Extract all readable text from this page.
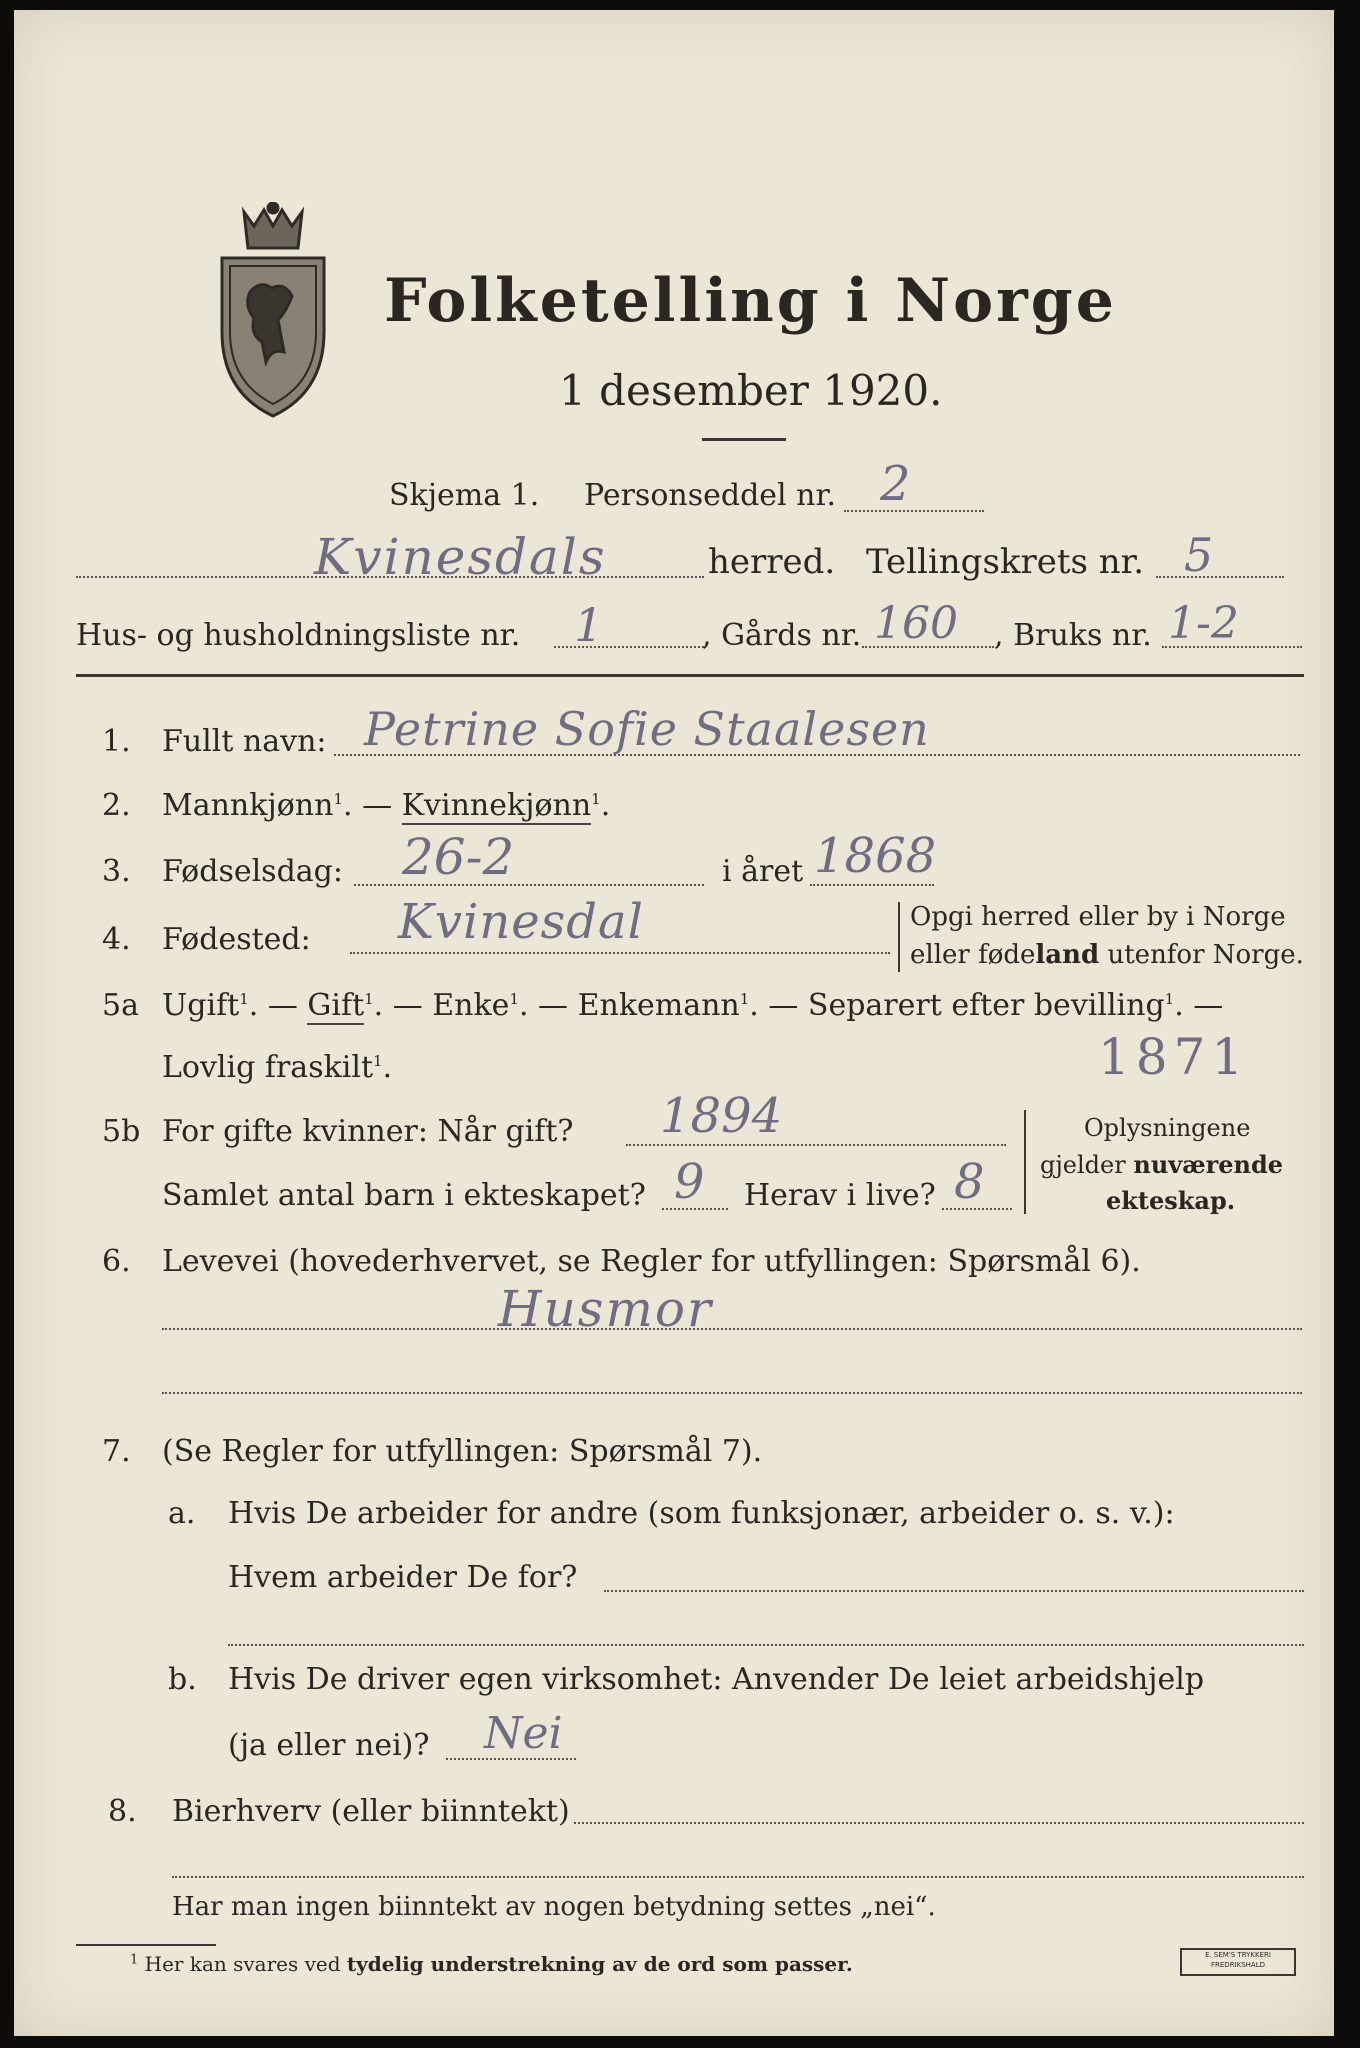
Folketelling i Norge
1 desember 1920.
Skjema 1. Personseddel nr. 2
Kvinesdals	herred. Tellingskrets nr. 5
Hus- og husholdningsliste nr. 1	, Gårds nr. 160 , Bruks nr. 1-2
1. Fullt navn: Petrine Sofie Staalesen
2. Mannkjønn$^1$. — Kvinnekjønn$^1$.
3. Fødselsdag: 26-2	i året 1868
4. Fødested: Kvinesdal	Opgi herred eller by i Norge
eller fødeland utenfor Norge.
5a Ugift$^1$. — Gift$^1$. — Enke$^1$. — Enkemann$^1$. — Separert efter bevilling$^1$. —
Lovlig fraskilt$^1$.	1871
5b For gifte kvinner: Når gift? 1894
Samlet antal barn i ekteskapet? 9 Herav i live? 8
Oplysningene
gjelder nuværende
ekteskap.
6. Levevei (hovederhvervet, se Regler for utfyllingen: Spørsmål 6).
Husmor
7. (Se Regler for utfyllingen: Spørsmål 7).
a. Hvis De arbeider for andre (som funksjonær, arbeider o. s. v.):
Hvem arbeider De for?
b. Hvis De driver egen virksomhet: Anvender De leiet arbeidshjelp
(ja eller nei)? Nei
8. Bierhverv (eller biinntekt)
Har man ingen biinntekt av nogen betydning settes „nei“.
$^1$ Her kan svares ved tydelig understrekning av de ord som passer.	E. SEM'S TRYKKERI FREDRIKSHALD
